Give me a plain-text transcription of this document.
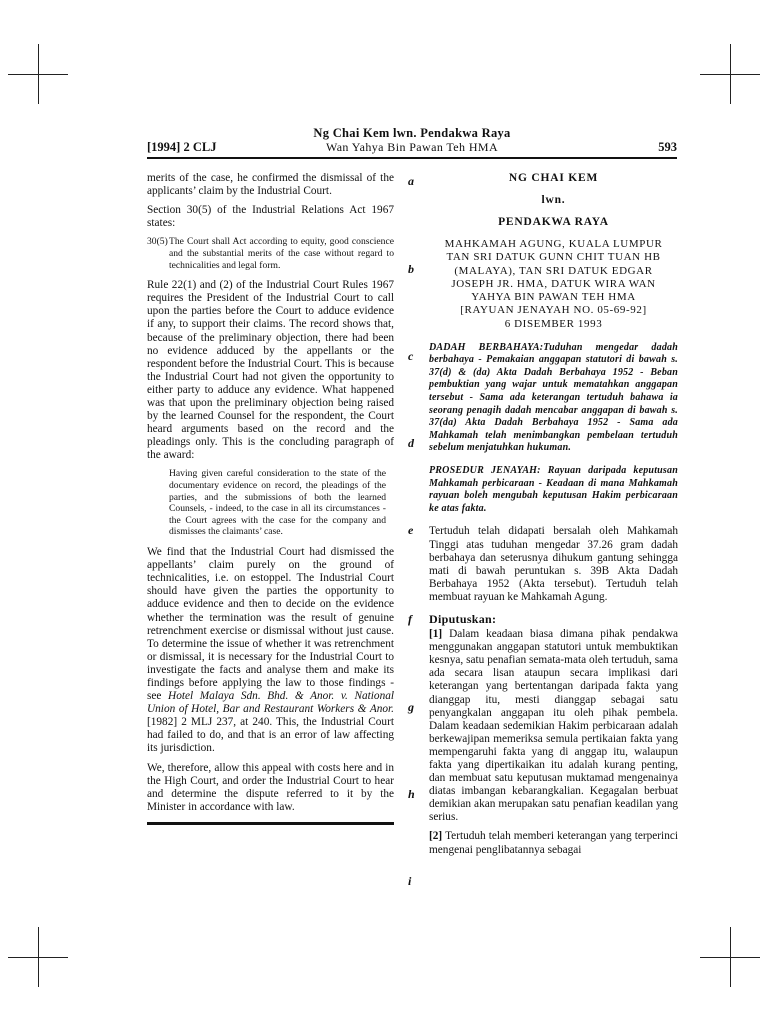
Ng Chai Kem lwn. Pendakwa Raya
[1994] 2 CLJ	Wan Yahya Bin Pawan Teh HMA	593

merits of the case, he confirmed the dismissal of the applicants’ claim by the Industrial Court.

Section 30(5) of the Industrial Relations Act 1967 states:

30(5) The Court shall Act according to equity, good conscience and the substantial merits of the case without regard to technicalities and legal form.

Rule 22(1) and (2) of the Industrial Court Rules 1967 requires the President of the Industrial Court to call upon the parties before the Court to adduce evidence if any, to support their claims. The record shows that, because of the preliminary objection, there had been no evidence adduced by the appellants or the respondent before the Industrial Court. This is because the Industrial Court had not given the opportunity to either party to adduce any evidence. What happened was that upon the preliminary objection being raised by the learned Counsel for the respondent, the Court heard arguments based on the record and the pleadings only. This is the concluding paragraph of the award:

Having given careful consideration to the state of the documentary evidence on record, the pleadings of the parties, and the submissions of both the learned Counsels, - indeed, to the case in all its circumstances - the Court agrees with the case for the company and dismisses the claimants’ case.

We find that the Industrial Court had dismissed the appellants’ claim purely on the ground of technicalities, i.e. on estoppel. The Industrial Court should have given the parties the opportunity to adduce evidence and then to decide on the evidence whether the termination was the result of genuine retrenchment exercise or dismissal without just cause. To determine the issue of whether it was retrenchment or dismissal, it is necessary for the Industrial Court to investigate the facts and analyse them and make its findings before applying the law to those findings - see Hotel Malaya Sdn. Bhd. & Anor. v. National Union of Hotel, Bar and Restaurant Workers & Anor. [1982] 2 MLJ 237, at 240. This, the Industrial Court had failed to do, and that is an error of law affecting its jurisdiction.

We, therefore, allow this appeal with costs here and in the High Court, and order the Industrial Court to hear and determine the dispute referred to it by the Minister in accordance with law.

a
b
c
d
e
f
g
h
i
NG CHAI KEM
lwn.
PENDAKWA RAYA
MAHKAMAH AGUNG, KUALA LUMPUR
TAN SRI DATUK GUNN CHIT TUAN HB
(MALAYA), TAN SRI DATUK EDGAR
JOSEPH JR. HMA, DATUK WIRA WAN
YAHYA BIN PAWAN TEH HMA
[RAYUAN JENAYAH NO. 05-69-92]
6 DISEMBER 1993
DADAH BERBAHAYA:Tuduhan mengedar dadah berbahaya - Pemakaian anggapan statutori di bawah s. 37(d) & (da) Akta Dadah Berbahaya 1952 - Beban pembuktian yang wajar untuk mematahkan anggapan tersebut - Sama ada keterangan tertuduh bahawa ia seorang penagih dadah mencabar anggapan di bawah s. 37(da) Akta Dadah Berbahaya 1952 - Sama ada Mahkamah telah menimbangkan pembelaan tertuduh sebelum menjatuhkan hukuman.
PROSEDUR JENAYAH: Rayuan daripada keputusan Mahkamah perbicaraan - Keadaan di mana Mahkamah rayuan boleh mengubah keputusan Hakim perbicaraan ke atas fakta.

Tertuduh telah didapati bersalah oleh Mahkamah Tinggi atas tuduhan mengedar 37.26 gram dadah berbahaya dan seterusnya dihukum gantung sehingga mati di bawah peruntukan s. 39B Akta Dadah Berbahaya 1952 (Akta tersebut). Tertuduh telah membuat rayuan ke Mahkamah Agung.

Diputuskan:

[1] Dalam keadaan biasa dimana pihak pendakwa menggunakan anggapan statutori untuk membuktikan kesnya, satu penafian semata-mata oleh tertuduh, sama ada secara lisan ataupun secara implikasi dari keterangan yang bertentangan daripada fakta yang dianggap itu, mesti dianggap sebagai satu penyangkalan anggapan itu oleh pihak pembela. Dalam keadaan sedemikian Hakim perbicaraan adalah berkewajipan memeriksa semula pertikaian fakta yang mempengaruhi fakta yang di anggap itu, walaupun fakta yang dipertikaikan itu adalah kurang penting, dan membuat satu keputusan muktamad mengenainya diatas imbangan kebarangkalian. Kegagalan berbuat demikian akan merupakan satu penafian keadilan yang serius.

[2] Tertuduh telah memberi keterangan yang terperinci mengenai penglibatannya sebagai
